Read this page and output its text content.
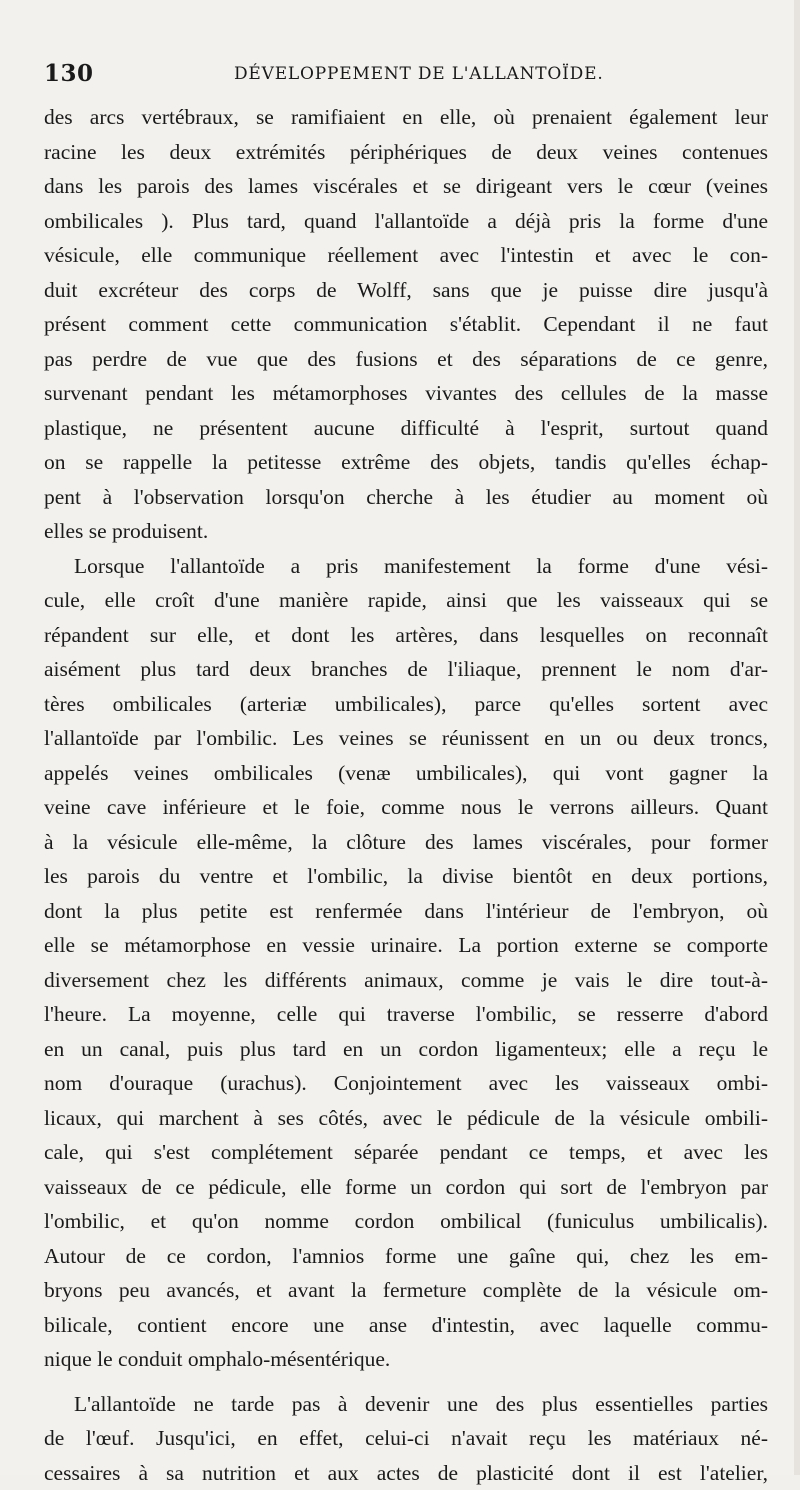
130	DÉVELOPPEMENT DE L'ALLANTOÏDE.
des arcs vertébraux, se ramifiaient en elle, où prenaient également leur
racine les deux extrémités périphériques de deux veines contenues
dans les parois des lames viscérales et se dirigeant vers le cœur (veines
ombilicales ). Plus tard, quand l'allantoïde a déjà pris la forme d'une
vésicule, elle communique réellement avec l'intestin et avec le con-
duit excréteur des corps de Wolff, sans que je puisse dire jusqu'à
présent comment cette communication s'établit. Cependant il ne faut
pas perdre de vue que des fusions et des séparations de ce genre,
survenant pendant les métamorphoses vivantes des cellules de la masse
plastique, ne présentent aucune difficulté à l'esprit, surtout quand
on se rappelle la petitesse extrême des objets, tandis qu'elles échap-
pent à l'observation lorsqu'on cherche à les étudier au moment où
elles se produisent.
Lorsque l'allantoïde a pris manifestement la forme d'une vési-
cule, elle croît d'une manière rapide, ainsi que les vaisseaux qui se
répandent sur elle, et dont les artères, dans lesquelles on reconnaît
aisément plus tard deux branches de l'iliaque, prennent le nom d'ar-
tères ombilicales (arteriæ umbilicales), parce qu'elles sortent avec
l'allantoïde par l'ombilic. Les veines se réunissent en un ou deux troncs,
appelés veines ombilicales (venæ umbilicales), qui vont gagner la
veine cave inférieure et le foie, comme nous le verrons ailleurs. Quant
à la vésicule elle-même, la clôture des lames viscérales, pour former
les parois du ventre et l'ombilic, la divise bientôt en deux portions,
dont la plus petite est renfermée dans l'intérieur de l'embryon, où
elle se métamorphose en vessie urinaire. La portion externe se comporte
diversement chez les différents animaux, comme je vais le dire tout-à-
l'heure. La moyenne, celle qui traverse l'ombilic, se resserre d'abord
en un canal, puis plus tard en un cordon ligamenteux; elle a reçu le
nom d'ouraque (urachus). Conjointement avec les vaisseaux ombi-
licaux, qui marchent à ses côtés, avec le pédicule de la vésicule ombili-
cale, qui s'est complétement séparée pendant ce temps, et avec les
vaisseaux de ce pédicule, elle forme un cordon qui sort de l'embryon par
l'ombilic, et qu'on nomme cordon ombilical (funiculus umbilicalis).
Autour de ce cordon, l'amnios forme une gaîne qui, chez les em-
bryons peu avancés, et avant la fermeture complète de la vésicule om-
bilicale, contient encore une anse d'intestin, avec laquelle commu-
nique le conduit omphalo-mésentérique.
L'allantoïde ne tarde pas à devenir une des plus essentielles parties
de l'œuf. Jusqu'ici, en effet, celui-ci n'avait reçu les matériaux né-
cessaires à sa nutrition et aux actes de plasticité dont il est l'atelier,
